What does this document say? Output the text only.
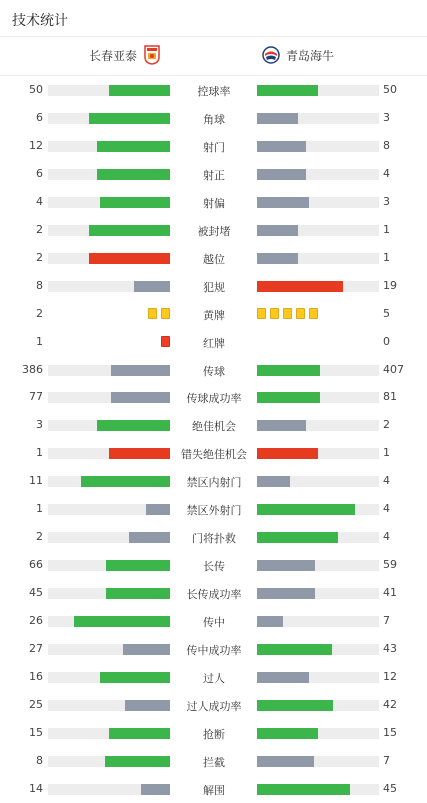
技术统计
长春亚泰	青岛海牛
50	控球率	50
6	角球	3
12	射门	8
6	射正	4
4	射偏	3
2	被封堵	1
2	越位	1
8	犯规	19
2	黄牌	5
1	红牌	0
386	传球	407
77	传球成功率	81
3	绝佳机会	2
1	错失绝佳机会	1
11	禁区内射门	4
1	禁区外射门	4
2	门将扑救	4
66	长传	59
45	长传成功率	41
26	传中	7
27	传中成功率	43
16	过人	12
25	过人成功率	42
15	抢断	15
8	拦截	7
14	解围	45
